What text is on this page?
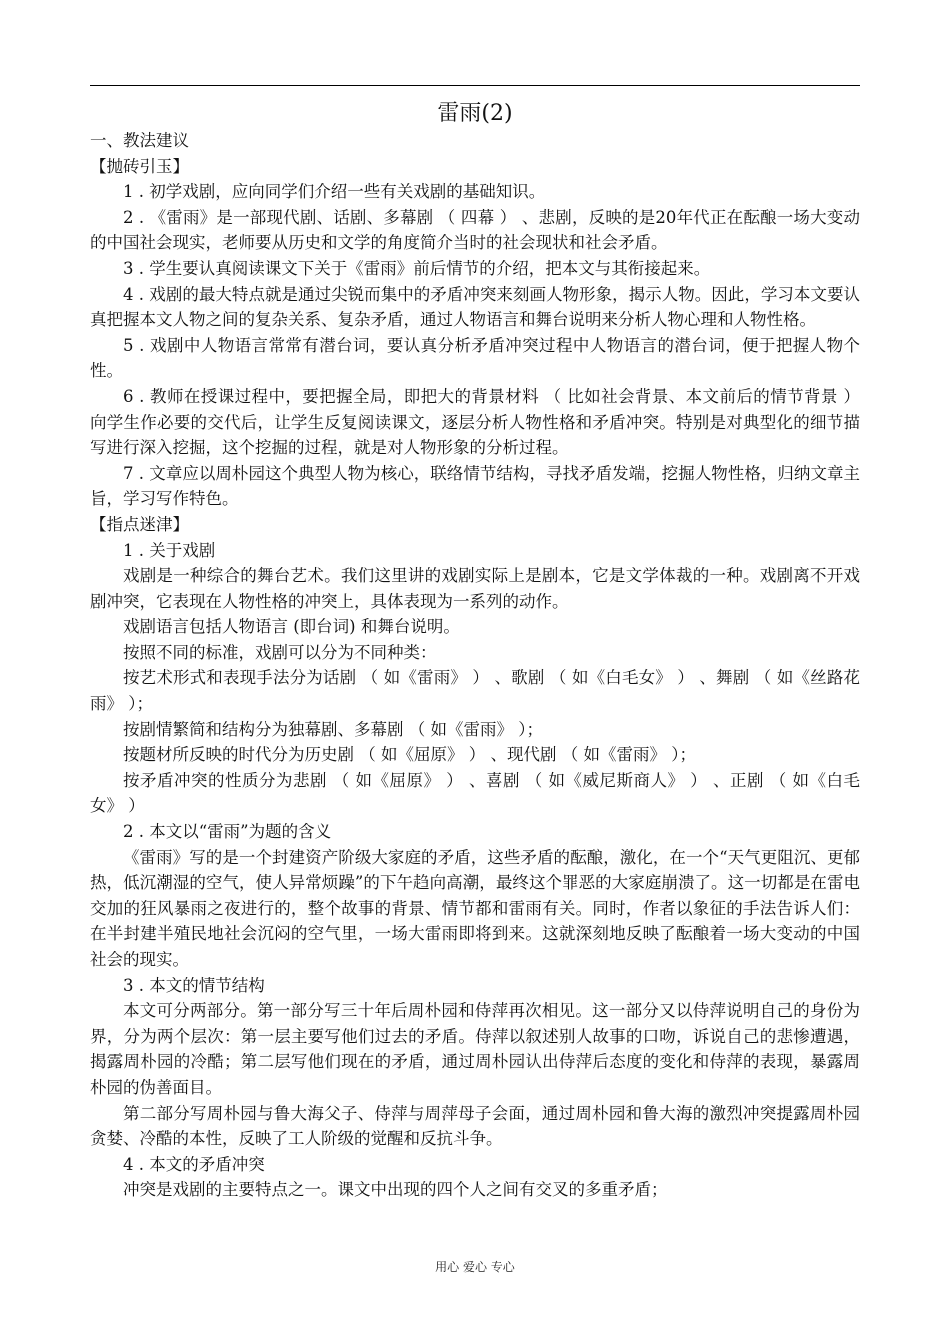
雷雨(2)

一、教法建议

【抛砖引玉】

1 . 初学戏剧，应向同学们介绍一些有关戏剧的基础知识。

2 . 《雷雨》是一部现代剧、话剧、多幕剧 （ 四幕 ） 、悲剧，反映的是20年代正在酝酿一场大变动的中国社会现实，老师要从历史和文学的角度简介当时的社会现状和社会矛盾。

3 . 学生要认真阅读课文下关于《雷雨》前后情节的介绍，把本文与其衔接起来。

4 . 戏剧的最大特点就是通过尖锐而集中的矛盾冲突来刻画人物形象，揭示人物。因此，学习本文要认真把握本文人物之间的复杂关系、复杂矛盾，通过人物语言和舞台说明来分析人物心理和人物性格。

5 . 戏剧中人物语言常常有潜台词，要认真分析矛盾冲突过程中人物语言的潜台词，便于把握人物个性。

6 . 教师在授课过程中，要把握全局，即把大的背景材料 （ 比如社会背景、本文前后的情节背景 ） 向学生作必要的交代后，让学生反复阅读课文，逐层分析人物性格和矛盾冲突。特别是对典型化的细节描写进行深入挖掘，这个挖掘的过程，就是对人物形象的分析过程。

7 . 文章应以周朴园这个典型人物为核心，联络情节结构，寻找矛盾发端，挖掘人物性格，归纳文章主旨，学习写作特色。

【指点迷津】

1 . 关于戏剧

戏剧是一种综合的舞台艺术。我们这里讲的戏剧实际上是剧本，它是文学体裁的一种。戏剧离不开戏剧冲突，它表现在人物性格的冲突上，具体表现为一系列的动作。

戏剧语言包括人物语言 (即台词) 和舞台说明。

按照不同的标准，戏剧可以分为不同种类：

按艺术形式和表现手法分为话剧 （ 如《雷雨》 ） 、歌剧 （ 如《白毛女》 ） 、舞剧 （ 如《丝路花雨》 ）；

按剧情繁简和结构分为独幕剧、多幕剧 （ 如《雷雨》 ）；

按题材所反映的时代分为历史剧 （ 如《屈原》 ） 、现代剧 （ 如《雷雨》 ）；

按矛盾冲突的性质分为悲剧 （ 如《屈原》 ） 、喜剧 （ 如《威尼斯商人》 ） 、正剧 （ 如《白毛女》 ）

2 . 本文以“雷雨”为题的含义

《雷雨》写的是一个封建资产阶级大家庭的矛盾，这些矛盾的酝酿，激化，在一个“天气更阻沉、更郁热，低沉潮湿的空气，使人异常烦躁”的下午趋向高潮，最终这个罪恶的大家庭崩溃了。这一切都是在雷电交加的狂风暴雨之夜进行的，整个故事的背景、情节都和雷雨有关。同时，作者以象征的手法告诉人们：在半封建半殖民地社会沉闷的空气里，一场大雷雨即将到来。这就深刻地反映了酝酿着一场大变动的中国社会的现实。

3 . 本文的情节结构

本文可分两部分。第一部分写三十年后周朴园和侍萍再次相见。这一部分又以侍萍说明自己的身份为界，分为两个层次：第一层主要写他们过去的矛盾。侍萍以叙述别人故事的口吻，诉说自己的悲惨遭遇，揭露周朴园的冷酷；第二层写他们现在的矛盾，通过周朴园认出侍萍后态度的变化和侍萍的表现，暴露周朴园的伪善面目。

第二部分写周朴园与鲁大海父子、侍萍与周萍母子会面，通过周朴园和鲁大海的激烈冲突提露周朴园贪婪、冷酷的本性，反映了工人阶级的觉醒和反抗斗争。

4 . 本文的矛盾冲突

冲突是戏剧的主要特点之一。课文中出现的四个人之间有交叉的多重矛盾；

用心 爱心 专心
